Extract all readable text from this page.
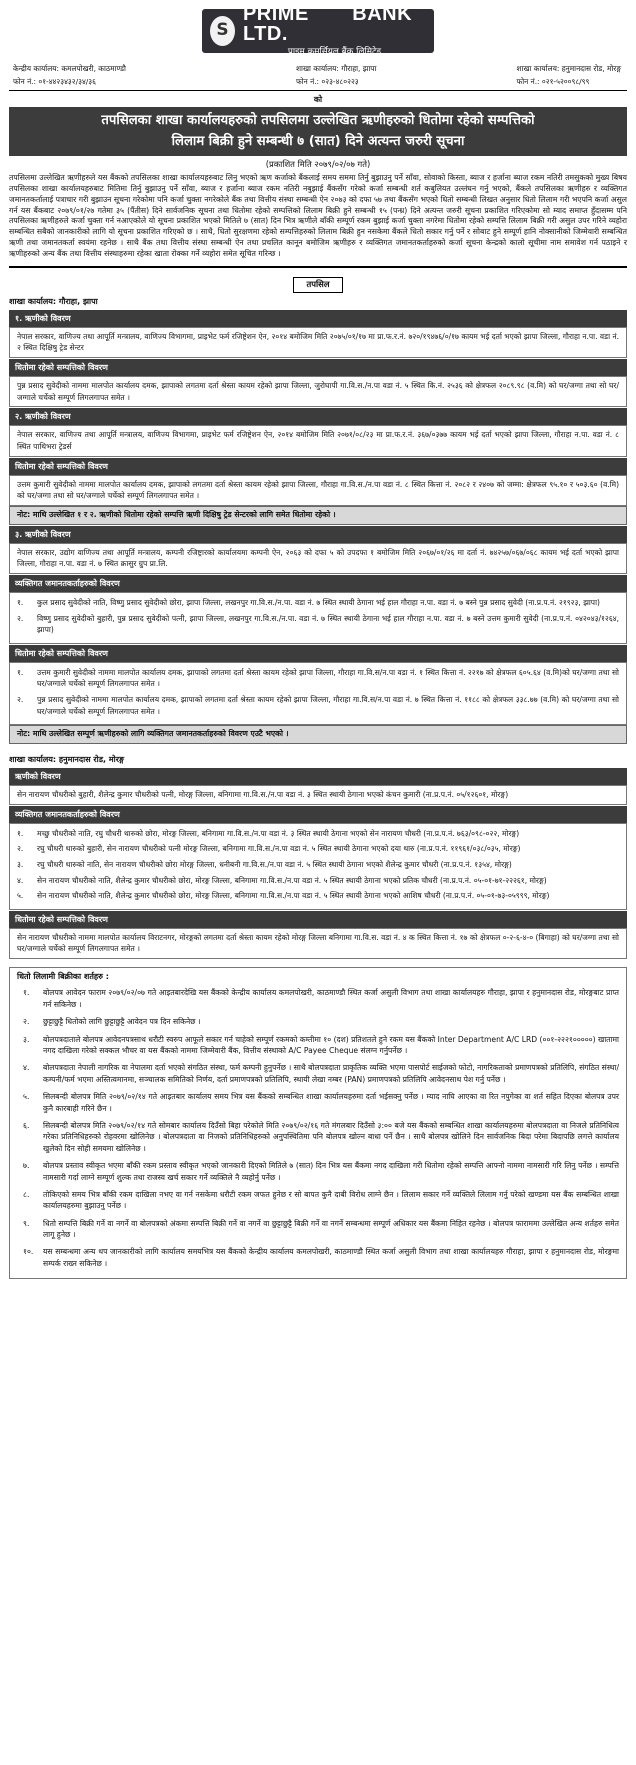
S
PRiME $^{COMMERCIAL}$ BANK LTD.
प्राइम कमर्सियल बैंक लिमिटेड
केन्द्रीय कार्यालय: कमलपोखरी, काठमाण्डौ
फोन नं.: ०१-४४२३४३२/३४/३६
शाखा कार्यालय: गौराहा, झापा
फोन नं.: ०२३-४८०२२३
शाखा कार्यालय: हनुमानदास रोड, मोरङ्ग
फोन नं.: ०२१-५२००९८/९९
को
तपसिलका शाखा कार्यालयहरुको तपसिलमा उल्लेखित ऋणीहरुको धितोमा रहेको सम्पत्तिको
लिलाम बिक्री हुने सम्बन्धी ७ (सात) दिने अत्यन्त जरुरी सूचना
(प्रकाशित मिति २०७९/०२/०७ गते)
तपसिलमा उल्लेखित ऋणीहरुले यस बैंकको तपसिलका शाखा कार्यालयहरुबाट लिनु भएको ऋण कर्जाको बैंकलाई समय सममा तिर्नु बुझाउनु पर्ने साँवा, सोवाको किस्ता, ब्याज र हर्जाना ब्याज रकम नतिरी तमसुकको मुख्य बिषय तपसिलका शाखा कार्यालयहरुबाट मितिमा तिर्नु बुझाउनु पर्ने साँवा, ब्याज र हर्जाना ब्याज रकम नतिरी नबुझाई बैंकसँग गरेको कर्जा सम्बन्धी शर्त कबुलियत उल्लंघन गर्नु भएको, बैंकले तपसिलका ऋणीहरु र व्यक्तिगत जमानतकर्तालाई पत्राचार गरी बुझाउन सूचना गरेकोमा पनि कर्जा चुक्ता नगरेकोले बैंक तथा वित्तीय संस्था सम्बन्धी ऐन २०७३ को दफा ५७ तथा बैंकसँग भएको धितो सम्बन्धी लिखत अनुसार धितो लिलाम गरी भएपनि कर्जा असुल गर्न यस बैंकबाट २०७९/०१/२७ गतेमा ३५ (पैंतीस) दिने सार्वजनिक सूचना तथा धितोमा रहेको सम्पत्तिको लिलाम बिक्री हुने सम्बन्धी १५ (पन्ध्र) दिने अत्यन्त जरुरी सूचना प्रकाशित गरिएकोमा सो म्याद समाप्त हुँदासम्म पनि तपसिलका ऋणीहरुले कर्जा चुक्ता गर्न नआएकोले यो सूचना प्रकाशित भएको मितिले ७ (सात) दिन भित्र ऋणीले बाँकी सम्पूर्ण रकम बुझाई कर्जा चुक्ता नगरेमा धितोमा रहेको सम्पत्ति लिलाम बिक्री गरी असुल उपर गरिने व्यहोरा सम्बन्धित सबैको जानकारीको लागि यो सूचना प्रकाशित गरिएको छ । साथै, धितो सुरक्षणमा रहेको सम्पत्तिहरुको लिलाम बिक्री हुन नसकेमा बैंकले धितो सकार गर्नु पर्ने र सोबाट हुने सम्पूर्ण हानि नोक्सानीको जिम्मेवारी सम्बन्धित ऋणी तथा जमानतकर्ता स्वयंमा रहनेछ । साथै बैंक तथा वित्तीय संस्था सम्बन्धी ऐन तथा प्रचलित कानून बमोजिम ऋणीहरु र व्यक्तिगत जमानतकर्ताहरुको कर्जा सूचना केन्द्रको कालो सूचीमा नाम समावेश गर्न पठाइने र ऋणीहरुको अन्य बैंक तथा वित्तीय संस्थाहरुमा रहेका खाता रोक्का गर्ने व्यहोरा समेत सूचित गरिन्छ ।
तपसिल
शाखा कार्यालय: गौराहा, झापा
१. ऋणीको विवरण
नेपाल सरकार, वाणिज्य तथा आपूर्ति मन्त्रालय, वाणिज्य विभागमा, प्राइभेट फर्म रजिष्ट्रेशन ऐन, २०१४ बमोजिम मिति २०७५/०१/१७ मा प्रा.फ.र.नं. ७२०/१९४७६/०/१७ कायम भई दर्ता भएको झापा जिल्ला, गौराहा न.पा. वडा नं. २ स्थित दिक्षिषु ट्रेड सेन्टर
धितोमा रहेको सम्पत्तिको विवरण
पुन्न प्रसाद सुवेदीको नाममा मालपोत कार्यालय दमक, झापाको लगतमा दर्ता श्रेस्ता कायम रहेको झापा जिल्ला, जुरोघापी गा.वि.स./न.पा वडा नं. ५ स्थित कि.नं. २५३६ को क्षेत्रफल २०८९.९८ (व.मि) को घर/जग्गा तथा सो घर/जग्गाले चर्चेको सम्पूर्ण लिगलगापत समेत ।
२. ऋणीको विवरण
नेपाल सरकार, वाणिज्य तथा आपूर्ति मन्त्रालय, वाणिज्य विभागमा, प्राइभेट फर्म रजिष्ट्रेशन ऐन, २०१४ बमोजिम मिति २०७१/०८/२३ मा प्रा.फ.र.नं. ३६७/०३७७ कायम भई दर्ता भएको झापा जिल्ला, गौराहा न.पा. वडा नं. ८ स्थित पाथिभरा ट्रेडर्स
धितोमा रहेको सम्पत्तिको विवरण
उत्तम कुमारी सुवेदीको नाममा मालपोत कार्यालय दमक, झापाको लगतमा दर्ता श्रेस्ता कायम रहेको झापा जिल्ला, गौराहा गा.वि.स./न.पा वडा नं. ८ स्थित कित्ता नं. २०८२ र २४०७ को जम्मा: क्षेत्रफल ९५.१० र ५०३.६० (व.मि) को घर/जग्गा तथा सो घर/जग्गाले चर्चेको सम्पूर्ण लिगलगापत समेत ।
नोट: माथि उल्लेखित १ र २. ऋणीको धितोमा रहेको सम्पत्ति ऋणी दिक्षिषु ट्रेड सेन्टरको लागि समेत धितोमा रहेको ।
३. ऋणीको विवरण
नेपाल सरकार, उद्योग वाणिज्य तथा आपूर्ति मन्त्रालय, कम्पनी रजिष्ट्रारको कार्यालयमा कम्पनी ऐन, २०६३ को दफा ५ को उपदफा १ बमोजिम मिति २०६७/०१/२६ मा दर्ता नं. ७४२५७/०६७/०६८ कायम भई दर्ता भएको झापा जिल्ला, गौराहा न.पा. वडा नं. ७ स्थित क्रासुर ग्रुप प्रा.लि.
व्यक्तिगत जमानतकर्ताहरुको विवरण
१.	कुल प्रसाद सुवेदीको नाति, विष्णु प्रसाद सुवेदीको छोरा, झापा जिल्ला, लखनपुर गा.वि.स./न.पा. वडा नं. ७ स्थित स्थायी ठेगाना भई हाल गौराहा न.पा. वडा नं. ७ बस्ने पुन्न प्रसाद सुवेदी (ना.प्र.प.नं. २१९२३, झापा)
२.	विष्णु प्रसाद सुवेदीको बुहारी, पुन्न प्रसाद सुवेदीको पत्नी, झापा जिल्ला, लखनपुर गा.वि.स./न.पा. वडा नं. ७ स्थित स्थायी ठेगाना भई हाल गौराहा न.पा. वडा नं. ७ बस्ने उत्तम कुमारी सुवेदी (ना.प्र.प.नं. ०४२०४३/१२६४, झापा)
धितोमा रहेको सम्पत्तिको विवरण
१.	उत्तम कुमारी सुवेदीको नाममा मालपोत कार्यालय दमक, झापाको लगतमा दर्ता श्रेस्ता कायम रहेको झापा जिल्ला, गौराहा गा.वि.स/न.पा वडा नं. १ स्थित कित्ता नं. २२१७ को क्षेत्रफल ६०५.६४ (व.मि)को घर/जग्गा तथा सो घर/जग्गाले चर्चेको सम्पूर्ण लिगलगापत समेत ।
२.	पुन्न प्रसाद सुवेदीको नाममा मालपोत कार्यालय दमक, झापाको लगतमा दर्ता श्रेस्ता कायम रहेको झापा जिल्ला, गौराहा गा.वि.स/न.पा वडा नं. ७ स्थित कित्ता नं. ११८८ को क्षेत्रफल ३३८.७७ (व.मि) को घर/जग्गा तथा सो घर/जग्गाले चर्चेको सम्पूर्ण लिगलगापत समेत ।
नोट: माथि उल्लेखित सम्पूर्ण ऋणीहरुको लागि व्यक्तिगत जमानतकर्ताहरुको विवरण एउटै भएको ।
शाखा कार्यालय: हनुमानदास रोड, मोरङ्ग
ऋणीको विवरण
सेन नारायण चौधरीको बुहारी, शैलेन्द्र कुमार चौधरीको पत्नी, मोरङ्ग जिल्ला, बनिगामा गा.वि.स./न.पा वडा नं. ३ स्थित स्थायी ठेगाना भएको कंचन कुमारी (ना.प्र.प.नं. ०५/१२६०१, मोरङ्ग)
व्यक्तिगत जमानतकर्ताहरुको विवरण
१.	मच्छु चौधरीको नाति, रघु चौधरी थारुको छोरा, मोरङ्ग जिल्ला, बनिगामा गा.वि.स./न.पा वडा नं. ३ स्थित स्थायी ठेगाना भएको सेन नारायण चौधरी (ना.प्र.प.नं. ७६३/०९८-०२२, मोरङ्ग)
२.	रघु चौधरी थारुको बुहारी, सेन नारायण चौधरीको पत्नी मोरङ्ग जिल्ला, बनिगामा गा.वि.स./न.पा वडा नं. ५ स्थित स्थायी ठेगाना भएको दया थारु (ना.प्र.प.नं. ११९६१/०३८/०३५, मोरङ्ग)
३.	रघु चौधरी थारुको नाति, सेन नारायण चौधरीको छोरा मोरङ्ग जिल्ला, धनीबनी गा.वि.स./न.पा वडा नं. ५ स्थित स्थायी ठेगाना भएको शैलेन्द्र कुमार चौधरी (ना.प्र.प.नं. १३५४, मोरङ्ग)
४.	सेन नारायण चौधरीको नाति, शैलेन्द्र कुमार चौधरीको छोरा, मोरङ्ग जिल्ला, बनिगामा गा.वि.स./न.पा वडा नं. ५ स्थित स्थायी ठेगाना भएको प्रतिक चौधरी (ना.प्र.प.नं. ०५-०१-७१-२२२६१, मोरङ्ग)
५.	सेन नारायण चौधरीको नाति, शैलेन्द्र कुमार चौधरीको छोरा, मोरङ्ग जिल्ला, बनिगामा गा.वि.स./न.पा वडा नं. ५ स्थित स्थायी ठेगाना भएको आशिष चौधरी (ना.प्र.प.नं. ०५-०१-७३-०५९९९, मोरङ्ग)
धितोमा रहेको सम्पत्तिको विवरण
सेन नारायण चौधरीको नाममा मालपोत कार्यालय विराटनगर, मोरङ्गको लगतमा दर्ता श्रेस्ता कायम रहेको मोरङ्ग जिल्ला बनिगामा गा.वि.स. वडा नं. ४ क स्थित कित्ता नं. १७ को क्षेत्रफल ०-२-६-४-० (बिगाहा) को घर/जग्गा तथा सो घर/जग्गाले चर्चेको सम्पूर्ण लिगलगापत समेत ।
धितो लिलामी बिक्रीका शर्तहरु :
१.	बोलपत्र आवेदन फाराम २०७९/०२/०७ गते आइतबारदेखि यस बैंकको केन्द्रीय कार्यालय कमलपोखरी, काठमाण्डौ स्थित कर्जा असुली विभाग तथा शाखा कार्यालयहरु गौराहा, झापा र हनुमानदास रोड, मोरङ्गबाट प्राप्त गर्न सकिनेछ ।
२.	छुट्टाछुट्टै धितोको लागि छुट्टाछुट्टै आवेदन पत्र दिन सकिनेछ ।
३.	बोलपत्रदाताले बोलपत्र आवेदनपत्रसाथ धरौटी स्वरुप आफूले सकार गर्न चाहेको सम्पूर्ण रकमको कम्तीमा १० (दश) प्रतिशतले हुने रकम यस बैंकको Inter Department A/C LRD (००१-२२२१०००००) खातामा नगद दाखिला गरेको सक्कल भौचर वा यस बैंकको नाममा जिम्मेवारी बैंक, वित्तीय संस्थाको A/C Payee Cheque संलग्न गर्नुपर्नेछ ।
४.	बोलपत्रदाता नेपाली नागरिक वा नेपालमा दर्ता भएको संगठित संस्था, फर्म कम्पनी हुनुपर्नेछ । साथै बोलपत्रदाता प्राकृतिक व्यक्ति भएमा पासपोर्ट साईजको फोटो, नागरिकताको प्रमाणपत्रको प्रतिलिपि, संगठित संस्था/कम्पनी/फर्म भएमा अस्तित्वमानमा, सञ्चालक समितिको निर्णय, दर्ता प्रमाणपत्रको प्रतिलिपि, स्थायी लेखा नम्बर (PAN) प्रमाणपत्रको प्रतिलिपि आवेदनसाथ पेश गर्नु पर्नेछ ।
५.	सिलबन्दी बोलपत्र मिति २०७९/०२/१४ गते आइतबार कार्यालय समय भित्र यस बैंकको सम्बन्धित शाखा कार्यालयहरुमा दर्ता भईसक्नु पर्नेछ । म्याद नाघि आएका वा रित नपुगेका वा शर्त सहित दिएका बोलपत्र उपर कुनै कारबाही गरिने छैन ।
६.	सिलबन्दी बोलपत्र मिति २०७९/०२/१४ गते सोमबार कार्यालय दिउँसो बिहा परेकोले मिति २०७९/०२/१६ गते मंगलबार दिउँसो ३:०० बजे यस बैंकको सम्बन्धित शाखा कार्यालयहरुमा बोलपत्रदाता वा निजले प्रतिनिधित्व गरेका प्रतिनिधिहरुको रोहवरमा खोलिनेछ । बोलपत्रदाता वा निजको प्रतिनिधिहरुको अनुपस्थितिमा पनि बोलपत्र खोल्न बाधा पर्ने छैन । साथै बोलपत्र खोलिने दिन सार्वजनिक बिदा परेमा बिदापछि लगत्ते कार्यालय खुलेको दिन सोही समयमा खोलिनेछ ।
७.	बोलपत्र प्रस्ताव स्वीकृत भएमा बाँकी रकम प्रस्ताव स्वीकृत भएको जानकारी दिएको मितिले ७ (सात) दिन भित्र यस बैंकमा नगद दाखिला गरी धितोमा रहेको सम्पत्ति आफ्नो नाममा नामसारी गरि लिनु पर्नेछ । सम्पत्ति नामसारी गर्दा लाग्ने सम्पूर्ण शुल्क तथा राजस्व खर्च सकार गर्ने व्यक्तिले नै व्यहोर्नु पर्नेछ ।
८.	तोकिएको समय भित्र बाँकी रकम दाखिला नभए वा गर्न नसकेमा धरौटी रकम जफत हुनेछ र सो बापत कुनै दाबी विरोध लाग्ने छैन । लिलाम सकार गर्ने व्यक्तिले लिलाम गर्नु परेको खण्डमा यस बैंक सम्बन्धित शाखा कार्यालयहरुमा बुझाउनु पर्नेछ ।
९.	धितो सम्पत्ति बिक्री गर्ने वा नगर्ने वा बोलपत्रको अंकमा सम्पत्ति बिक्री गर्ने वा नगर्ने वा छुट्टाछुट्टै बिक्री गर्ने वा नगर्ने सम्बन्धमा सम्पूर्ण अधिकार यस बैंकमा निहित रहनेछ । बोलपत्र फाराममा उल्लेखित अन्य शर्तहरु समेत लागू हुनेछ ।
१०.	यस सम्बन्धमा अन्य थप जानकारीको लागि कार्यालय समयभित्र यस बैंकको केन्द्रीय कार्यालय कमलपोखरी, काठमाण्डौ स्थित कर्जा असुली विभाग तथा शाखा कार्यालयहरु गौराहा, झापा र हनुमानदास रोड, मोरङ्गमा सम्पर्क राख्न सकिनेछ ।
